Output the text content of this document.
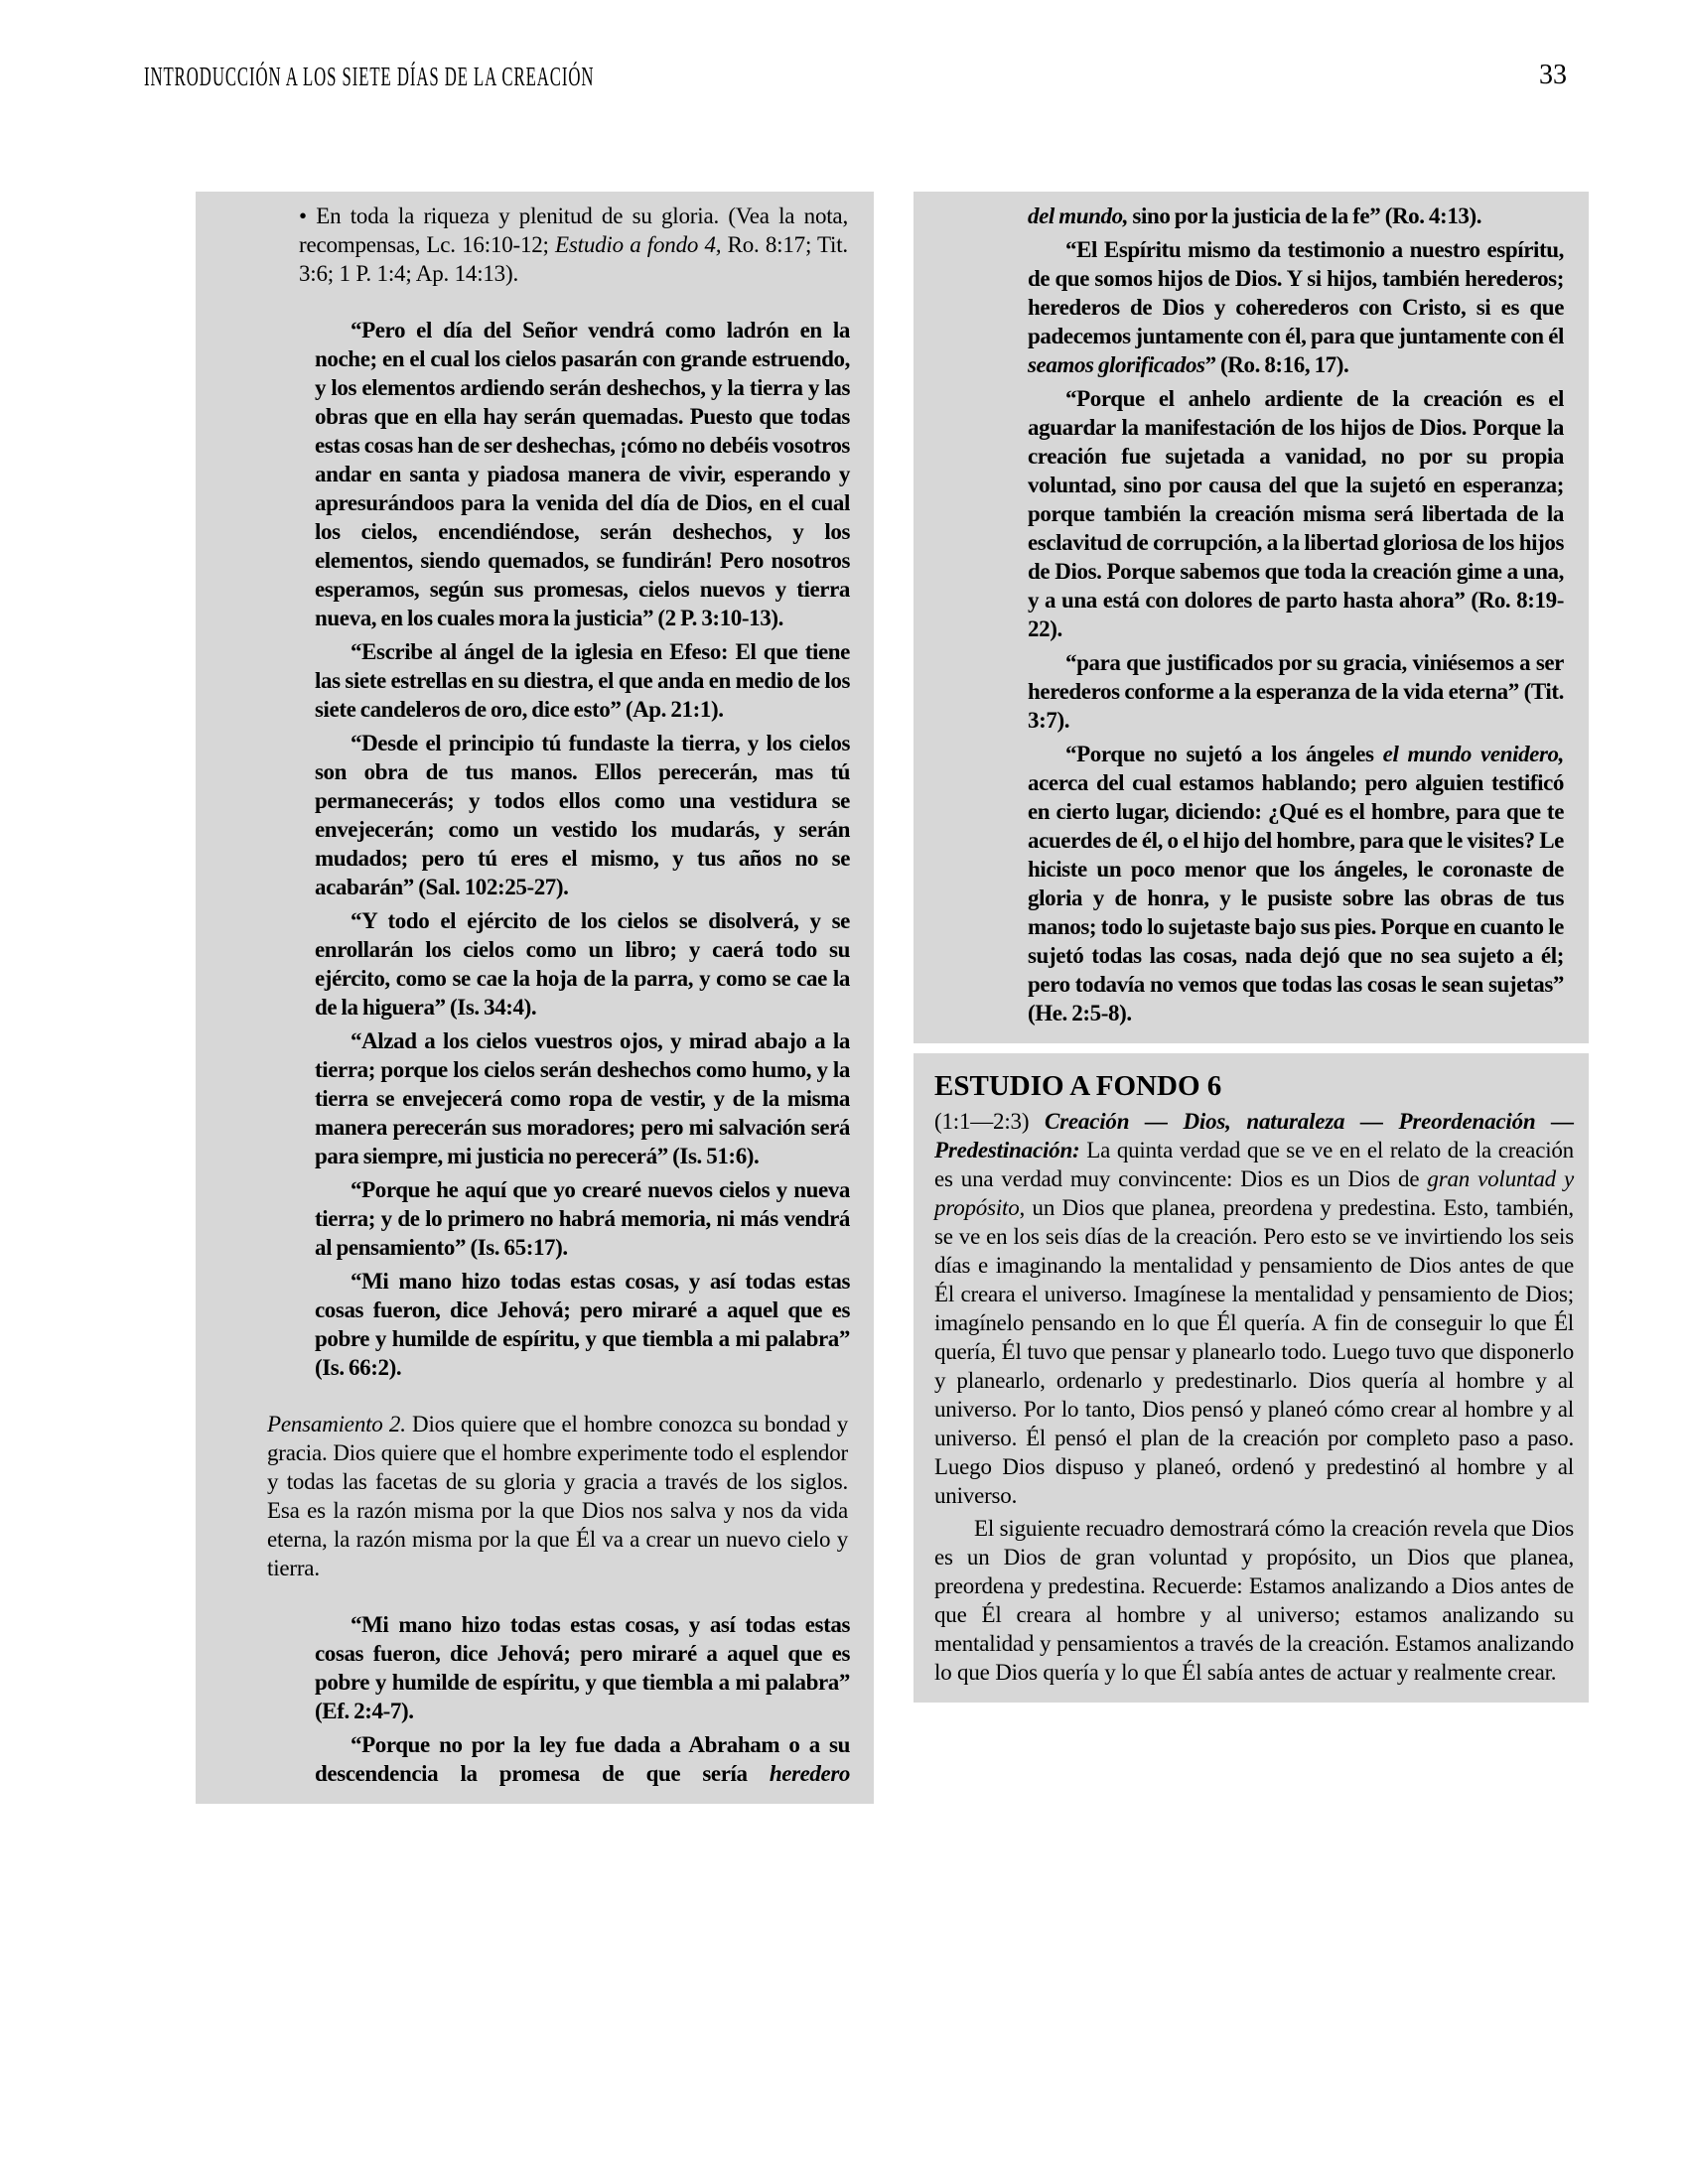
INTRODUCCIÓN A LOS SIETE DÍAS DE LA CREACIÓN	33

• En toda la riqueza y plenitud de su gloria. (Vea la nota, recompensas, Lc. 16:10-12; Estudio a fondo 4, Ro. 8:17; Tit. 3:6; 1 P. 1:4; Ap. 14:13).

“Pero el día del Señor vendrá como ladrón en la noche; en el cual los cielos pasarán con grande estruendo, y los elementos ardiendo serán deshechos, y la tierra y las obras que en ella hay serán quemadas. Puesto que todas estas cosas han de ser deshechas, ¡cómo no debéis vosotros andar en santa y piadosa manera de vivir, esperando y apresurándoos para la venida del día de Dios, en el cual los cielos, encendiéndose, serán deshechos, y los elementos, siendo quemados, se fundirán! Pero nosotros esperamos, según sus promesas, cielos nuevos y tierra nueva, en los cuales mora la justicia” (2 P. 3:10-13).

“Escribe al ángel de la iglesia en Efeso: El que tiene las siete estrellas en su diestra, el que anda en medio de los siete candeleros de oro, dice esto” (Ap. 21:1).

“Desde el principio tú fundaste la tierra, y los cielos son obra de tus manos. Ellos perecerán, mas tú permanecerás; y todos ellos como una vestidura se envejecerán; como un vestido los mudarás, y serán mudados; pero tú eres el mismo, y tus años no se acabarán” (Sal. 102:25-27).

“Y todo el ejército de los cielos se disolverá, y se enrollarán los cielos como un libro; y caerá todo su ejército, como se cae la hoja de la parra, y como se cae la de la higuera” (Is. 34:4).

“Alzad a los cielos vuestros ojos, y mirad abajo a la tierra; porque los cielos serán deshechos como humo, y la tierra se envejecerá como ropa de vestir, y de la misma manera perecerán sus moradores; pero mi salvación será para siempre, mi justicia no perecerá” (Is. 51:6).

“Porque he aquí que yo crearé nuevos cielos y nueva tierra; y de lo primero no habrá memoria, ni más vendrá al pensamiento” (Is. 65:17).

“Mi mano hizo todas estas cosas, y así todas estas cosas fueron, dice Jehová; pero miraré a aquel que es pobre y humilde de espíritu, y que tiembla a mi palabra” (Is. 66:2).

Pensamiento 2. Dios quiere que el hombre conozca su bondad y gracia. Dios quiere que el hombre experimente todo el esplendor y todas las facetas de su gloria y gracia a través de los siglos. Esa es la razón misma por la que Dios nos salva y nos da vida eterna, la razón misma por la que Él va a crear un nuevo cielo y tierra.

“Mi mano hizo todas estas cosas, y así todas estas cosas fueron, dice Jehová; pero miraré a aquel que es pobre y humilde de espíritu, y que tiembla a mi palabra” (Ef. 2:4-7).

“Porque no por la ley fue dada a Abraham o a su descendencia la promesa de que sería heredero

del mundo, sino por la justicia de la fe” (Ro. 4:13).

“El Espíritu mismo da testimonio a nuestro espíritu, de que somos hijos de Dios. Y si hijos, también herederos; herederos de Dios y coherederos con Cristo, si es que padecemos juntamente con él, para que juntamente con él seamos glorificados” (Ro. 8:16, 17).

“Porque el anhelo ardiente de la creación es el aguardar la manifestación de los hijos de Dios. Porque la creación fue sujetada a vanidad, no por su propia voluntad, sino por causa del que la sujetó en esperanza; porque también la creación misma será libertada de la esclavitud de corrupción, a la libertad gloriosa de los hijos de Dios. Porque sabemos que toda la creación gime a una, y a una está con dolores de parto hasta ahora” (Ro. 8:19-22).

“para que justificados por su gracia, viniésemos a ser herederos conforme a la esperanza de la vida eterna” (Tit. 3:7).

“Porque no sujetó a los ángeles el mundo venidero, acerca del cual estamos hablando; pero alguien testificó en cierto lugar, diciendo: ¿Qué es el hombre, para que te acuerdes de él, o el hijo del hombre, para que le visites? Le hiciste un poco menor que los ángeles, le coronaste de gloria y de honra, y le pusiste sobre las obras de tus manos; todo lo sujetaste bajo sus pies. Porque en cuanto le sujetó todas las cosas, nada dejó que no sea sujeto a él; pero todavía no vemos que todas las cosas le sean sujetas” (He. 2:5-8).

ESTUDIO A FONDO 6

(1:1—2:3) Creación — Dios, naturaleza — Preordenación — Predestinación: La quinta verdad que se ve en el relato de la creación es una verdad muy convincente: Dios es un Dios de gran voluntad y propósito, un Dios que planea, preordena y predestina. Esto, también, se ve en los seis días de la creación. Pero esto se ve invirtiendo los seis días e imaginando la mentalidad y pensamiento de Dios antes de que Él creara el universo. Imagínese la mentalidad y pensamiento de Dios; imagínelo pensando en lo que Él quería. A fin de conseguir lo que Él quería, Él tuvo que pensar y planearlo todo. Luego tuvo que disponerlo y planearlo, ordenarlo y predestinarlo. Dios quería al hombre y al universo. Por lo tanto, Dios pensó y planeó cómo crear al hombre y al universo. Él pensó el plan de la creación por completo paso a paso. Luego Dios dispuso y planeó, ordenó y predestinó al hombre y al universo.

El siguiente recuadro demostrará cómo la creación revela que Dios es un Dios de gran voluntad y propósito, un Dios que planea, preordena y predestina. Recuerde: Estamos analizando a Dios antes de que Él creara al hombre y al universo; estamos analizando su mentalidad y pensamientos a través de la creación. Estamos analizando lo que Dios quería y lo que Él sabía antes de actuar y realmente crear.
